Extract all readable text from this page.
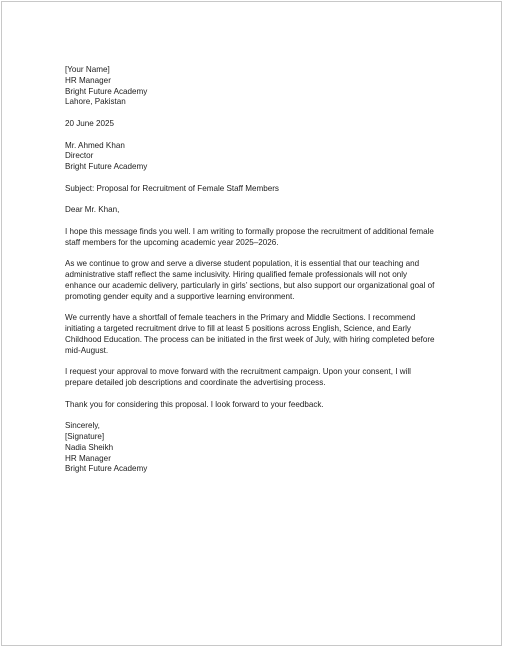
[Your Name]
HR Manager
Bright Future Academy
Lahore, Pakistan
20 June 2025
Mr. Ahmed Khan
Director
Bright Future Academy
Subject: Proposal for Recruitment of Female Staff Members
Dear Mr. Khan,
I hope this message finds you well. I am writing to formally propose the recruitment of additional female
staff members for the upcoming academic year 2025–2026.
As we continue to grow and serve a diverse student population, it is essential that our teaching and
administrative staff reflect the same inclusivity. Hiring qualified female professionals will not only
enhance our academic delivery, particularly in girls’ sections, but also support our organizational goal of
promoting gender equity and a supportive learning environment.
We currently have a shortfall of female teachers in the Primary and Middle Sections. I recommend
initiating a targeted recruitment drive to fill at least 5 positions across English, Science, and Early
Childhood Education. The process can be initiated in the first week of July, with hiring completed before
mid-August.
I request your approval to move forward with the recruitment campaign. Upon your consent, I will
prepare detailed job descriptions and coordinate the advertising process.
Thank you for considering this proposal. I look forward to your feedback.
Sincerely,
[Signature]
Nadia Sheikh
HR Manager
Bright Future Academy
